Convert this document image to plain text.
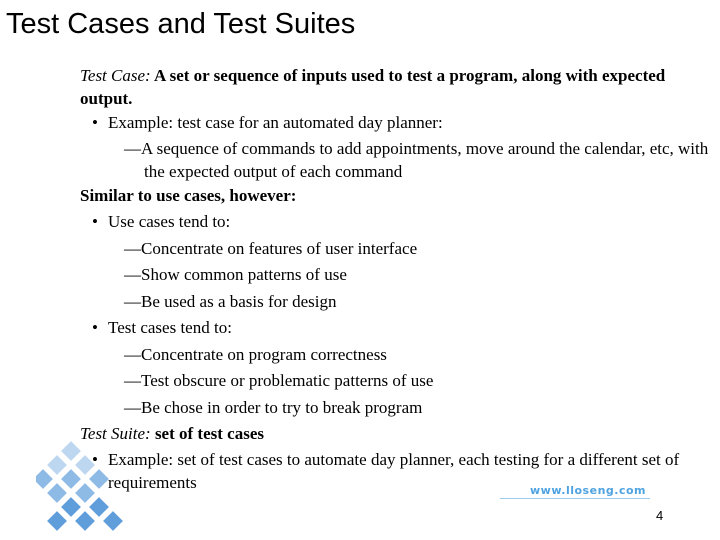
Test Cases and Test Suites

Test Case: A set or sequence of inputs used to test a program, along with expected output.

• Example: test case for an automated day planner:

—A sequence of commands to add appointments, move around the calendar, etc, with the expected output of each command

Similar to use cases, however:

• Use cases tend to:

—Concentrate on features of user interface

—Show common patterns of use

—Be used as a basis for design

• Test cases tend to:

—Concentrate on program correctness

—Test obscure or problematic patterns of use

—Be chose in order to try to break program

Test Suite: set of test cases

• Example: set of test cases to automate day planner, each testing for a different set of requirements	www.lloseng.com
4
